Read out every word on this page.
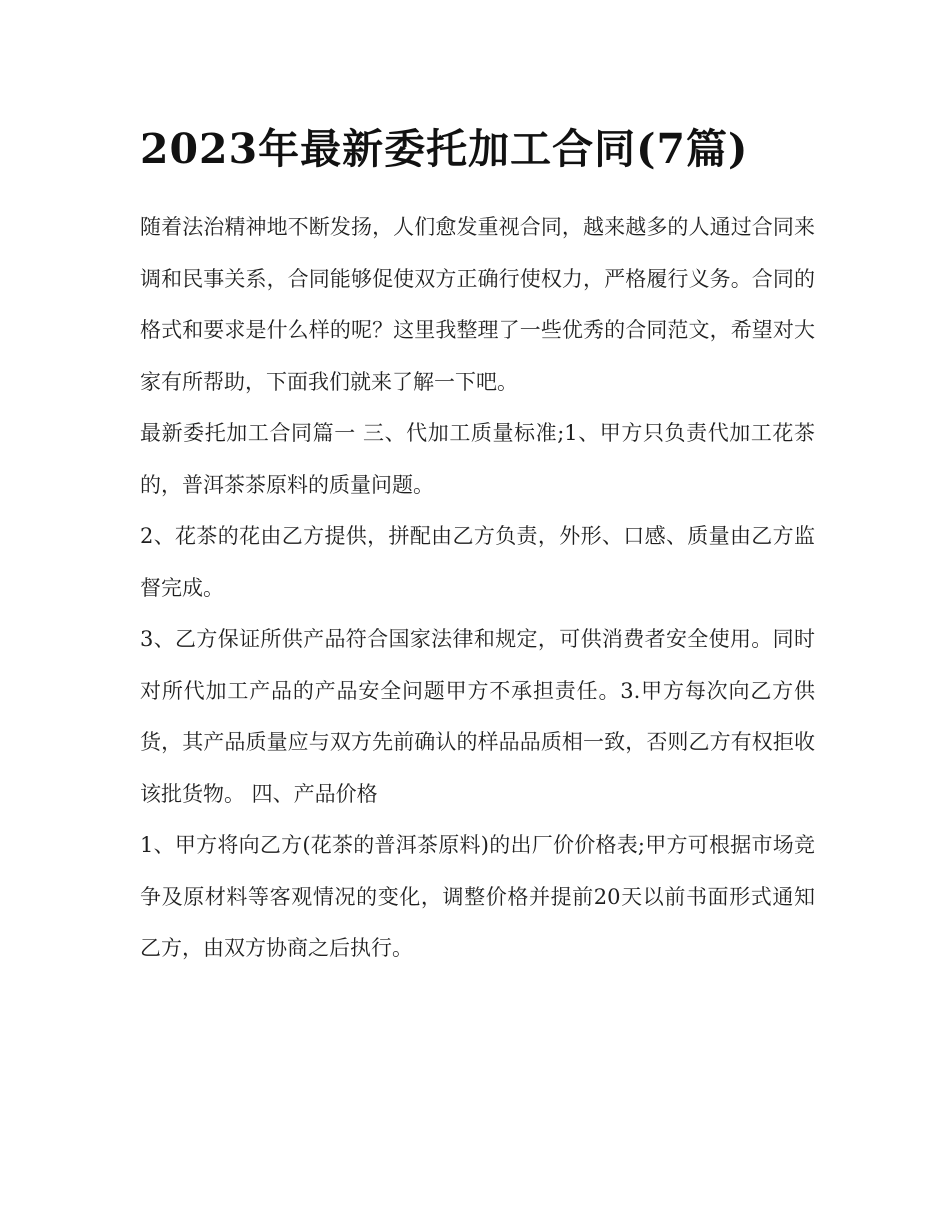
2023年最新委托加工合同(7篇)

随着法治精神地不断发扬，人们愈发重视合同，越来越多的人通过合同来调和民事关系，合同能够促使双方正确行使权力，严格履行义务。合同的格式和要求是什么样的呢？这里我整理了一些优秀的合同范文，希望对大家有所帮助，下面我们就来了解一下吧。

最新委托加工合同篇一 三、代加工质量标准;1、甲方只负责代加工花茶的，普洱茶茶原料的质量问题。

2、花茶的花由乙方提供，拼配由乙方负责，外形、口感、质量由乙方监督完成。

3、乙方保证所供产品符合国家法律和规定，可供消费者安全使用。同时对所代加工产品的产品安全问题甲方不承担责任。3.甲方每次向乙方供货，其产品质量应与双方先前确认的样品品质相一致，否则乙方有权拒收该批货物。 四、产品价格

1、甲方将向乙方(花茶的普洱茶原料)的出厂价价格表;甲方可根据市场竞争及原材料等客观情况的变化，调整价格并提前20天以前书面形式通知乙方，由双方协商之后执行。
